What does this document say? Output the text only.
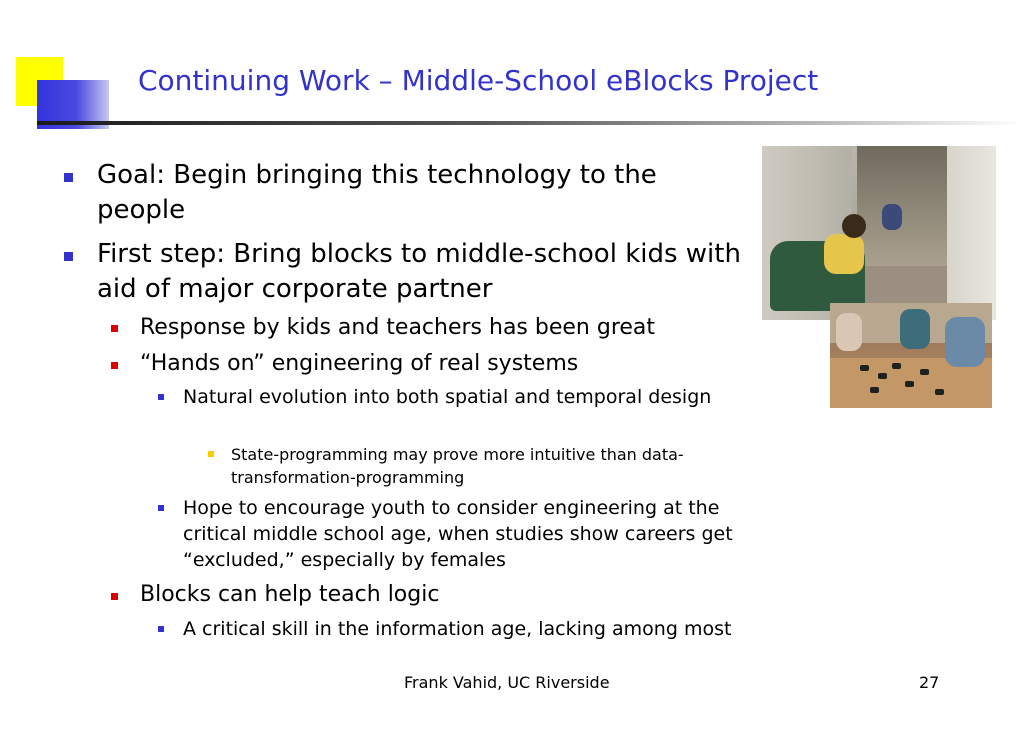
Continuing Work – Middle-School eBlocks Project

Goal: Begin bringing this technology to the people

First step: Bring blocks to middle-school kids with aid of major corporate partner

Response by kids and teachers has been great

“Hands on” engineering of real systems

Natural evolution into both spatial and temporal design

State-programming may prove more intuitive than data-transformation-programming

Hope to encourage youth to consider engineering at the critical middle school age, when studies show careers get “excluded,” especially by females

Blocks can help teach logic

A critical skill in the information age, lacking among most

Frank Vahid, UC Riverside	27
